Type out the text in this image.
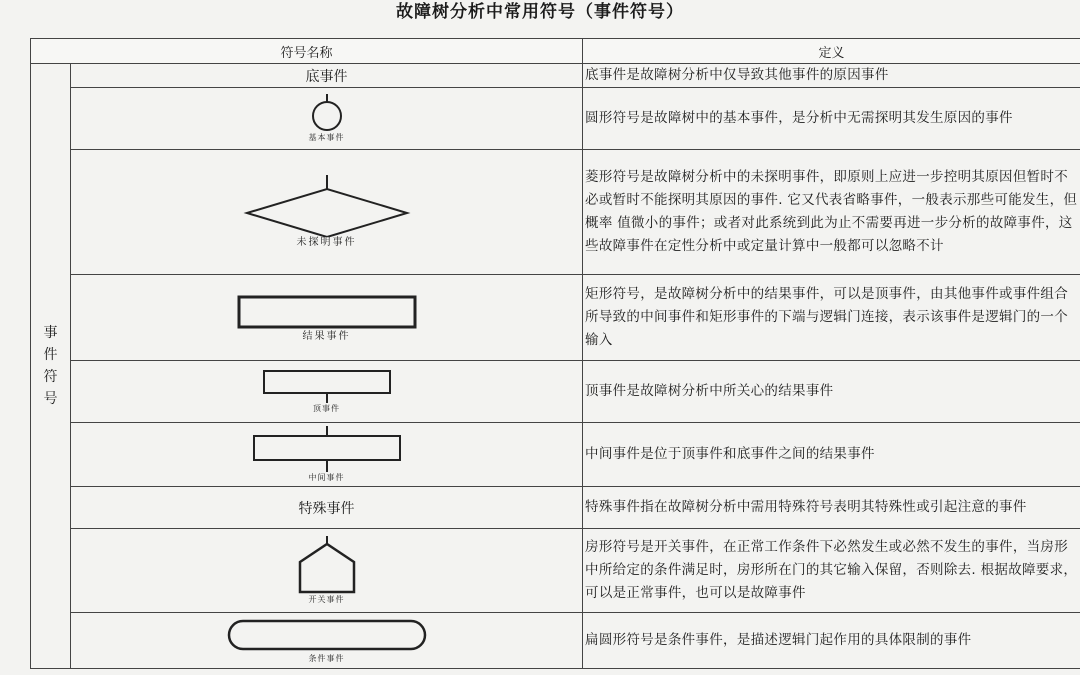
故障树分析中常用符号（事件符号）
符号名称		定义
事件符号	底事件	底事件是故障树分析中仅导致其他事件的原因事件

	基本事件	圆形符号是故障树中的基本事件，是分析中无需探明其发生原因的事件

	未探明事件	菱形符号是故障树分析中的未探明事件，即原则上应进一步控明其原因但暂时不必或暂时不能探明其原因的事件. 它又代表省略事件，一般表示那些可能发生，但概率 值微小的事件；或者对此系统到此为止不需要再进一步分析的故障事件，这些故障事件在定性分析中或定量计算中一般都可以忽略不计

	结果事件	矩形符号，是故障树分析中的结果事件，可以是顶事件，由其他事件或事件组合所导致的中间事件和矩形事件的下端与逻辑门连接，表示该事件是逻辑门的一个输入

	顶事件	顶事件是故障树分析中所关心的结果事件

	中间事件	中间事件是位于顶事件和底事件之间的结果事件
	特殊事件	特殊事件指在故障树分析中需用特殊符号表明其特殊性或引起注意的事件

	开关事件	房形符号是开关事件，在正常工作条件下必然发生或必然不发生的事件，当房形中所给定的条件满足时，房形所在门的其它输入保留，否则除去. 根据故障要求，可以是正常事件，也可以是故障事件

	条件事件	扁圆形符号是条件事件，是描述逻辑门起作用的具体限制的事件
